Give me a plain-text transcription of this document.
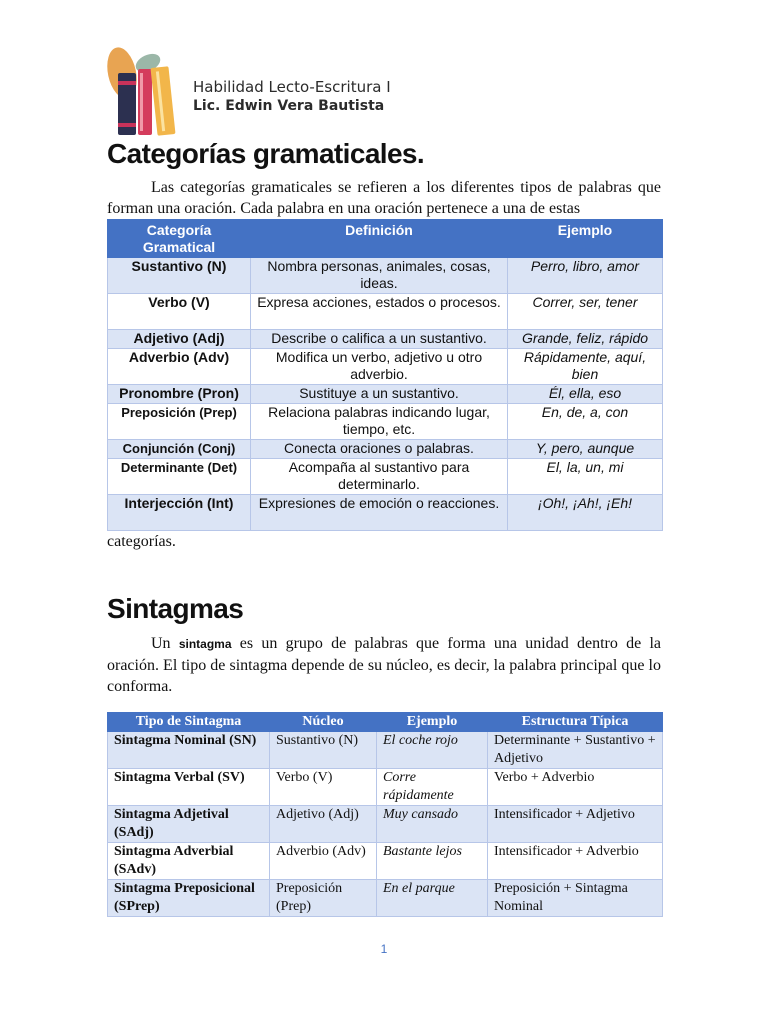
Habilidad Lecto-Escritura I
Lic. Edwin Vera Bautista
Categorías gramaticales.

Las categorías gramaticales se refieren a los diferentes tipos de palabras que forman una oración. Cada palabra en una oración pertenece a una de estas

Categoría Gramatical	Definición	Ejemplo
Sustantivo (N)	Nombra personas, animales, cosas, ideas.	Perro, libro, amor
Verbo (V)	Expresa acciones, estados o procesos.	Correr, ser, tener
Adjetivo (Adj)	Describe o califica a un sustantivo.	Grande, feliz, rápido
Adverbio (Adv)	Modifica un verbo, adjetivo u otro adverbio.	Rápidamente, aquí, bien
Pronombre (Pron)	Sustituye a un sustantivo.	Él, ella, eso
Preposición (Prep)	Relaciona palabras indicando lugar, tiempo, etc.	En, de, a, con
Conjunción (Conj)	Conecta oraciones o palabras.	Y, pero, aunque
Determinante (Det)	Acompaña al sustantivo para determinarlo.	El, la, un, mi
Interjección (Int)	Expresiones de emoción o reacciones.	¡Oh!, ¡Ah!, ¡Eh!

categorías.

Sintagmas

Un sintagma es un grupo de palabras que forma una unidad dentro de la oración. El tipo de sintagma depende de su núcleo, es decir, la palabra principal que lo conforma.

Tipo de Sintagma	Núcleo	Ejemplo	Estructura Típica
Sintagma Nominal (SN)	Sustantivo (N)	El coche rojo	Determinante + Sustantivo + Adjetivo
Sintagma Verbal (SV)	Verbo (V)	Corre rápidamente	Verbo + Adverbio
Sintagma Adjetival (SAdj)	Adjetivo (Adj)	Muy cansado	Intensificador + Adjetivo
Sintagma Adverbial (SAdv)	Adverbio (Adv)	Bastante lejos	Intensificador + Adverbio
Sintagma Preposicional (SPrep)	Preposición (Prep)	En el parque	Preposición + Sintagma Nominal
1
